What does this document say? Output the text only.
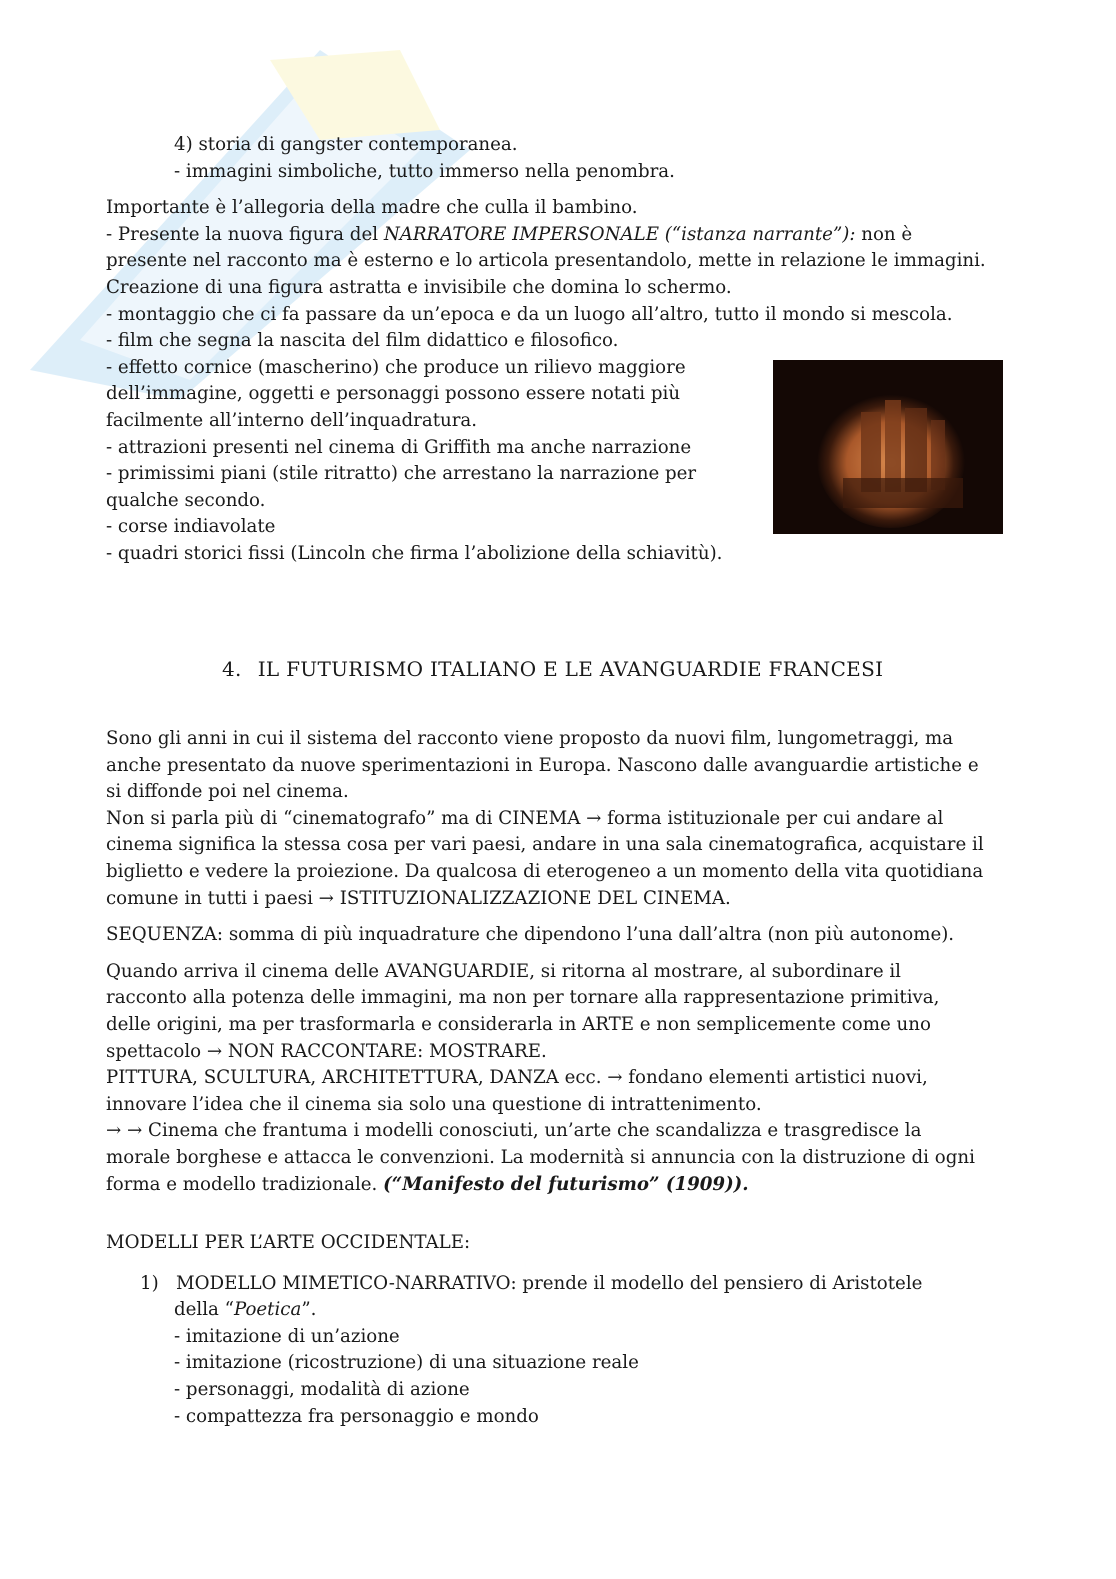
4) storia di gangster contemporanea.

- immagini simboliche, tutto immerso nella penombra.

Importante è l’allegoria della madre che culla il bambino.

- Presente la nuova figura del NARRATORE IMPERSONALE (“istanza narrante”): non è

presente nel racconto ma è esterno e lo articola presentandolo, mette in relazione le immagini.

Creazione di una figura astratta e invisibile che domina lo schermo.

- montaggio che ci fa passare da un’epoca e da un luogo all’altro, tutto il mondo si mescola.

- film che segna la nascita del film didattico e filosofico.

- effetto cornice (mascherino) che produce un rilievo maggiore

dell’immagine, oggetti e personaggi possono essere notati più

facilmente all’interno dell’inquadratura.

- attrazioni presenti nel cinema di Griffith ma anche narrazione

- primissimi piani (stile ritratto) che arrestano la narrazione per

qualche secondo.

- corse indiavolate

- quadri storici fissi (Lincoln che firma l’abolizione della schiavitù).

4. IL FUTURISMO ITALIANO E LE AVANGUARDIE FRANCESI

Sono gli anni in cui il sistema del racconto viene proposto da nuovi film, lungometraggi, ma

anche presentato da nuove sperimentazioni in Europa. Nascono dalle avanguardie artistiche e

si diffonde poi nel cinema.

Non si parla più di “cinematografo” ma di CINEMA → forma istituzionale per cui andare al

cinema significa la stessa cosa per vari paesi, andare in una sala cinematografica, acquistare il

biglietto e vedere la proiezione. Da qualcosa di eterogeneo a un momento della vita quotidiana

comune in tutti i paesi → ISTITUZIONALIZZAZIONE DEL CINEMA.

SEQUENZA: somma di più inquadrature che dipendono l’una dall’altra (non più autonome).

Quando arriva il cinema delle AVANGUARDIE, si ritorna al mostrare, al subordinare il

racconto alla potenza delle immagini, ma non per tornare alla rappresentazione primitiva,

delle origini, ma per trasformarla e considerarla in ARTE e non semplicemente come uno

spettacolo → NON RACCONTARE: MOSTRARE.

PITTURA, SCULTURA, ARCHITETTURA, DANZA ecc. → fondano elementi artistici nuovi,

innovare l’idea che il cinema sia solo una questione di intrattenimento.

→ → Cinema che frantuma i modelli conosciuti, un’arte che scandalizza e trasgredisce la

morale borghese e attacca le convenzioni. La modernità si annuncia con la distruzione di ogni

forma e modello tradizionale. (“Manifesto del futurismo” (1909)).

MODELLI PER L’ARTE OCCIDENTALE:

1) MODELLO MIMETICO-NARRATIVO: prende il modello del pensiero di Aristotele

della “Poetica”.

- imitazione di un’azione

- imitazione (ricostruzione) di una situazione reale

- personaggi, modalità di azione

- compattezza fra personaggio e mondo
